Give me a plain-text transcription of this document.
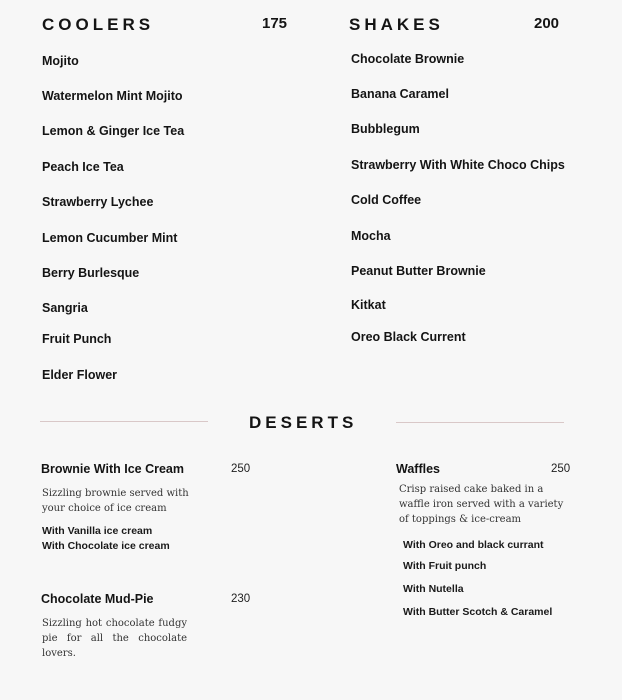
COOLERS	175	SHAKES	200
Mojito
Watermelon Mint Mojito
Lemon & Ginger Ice Tea
Peach Ice Tea
Strawberry Lychee
Lemon Cucumber Mint
Berry Burlesque
Sangria
Fruit Punch
Elder Flower
Chocolate Brownie
Banana Caramel
Bubblegum
Strawberry With White Choco Chips
Cold Coffee
Mocha
Peanut Butter Brownie
Kitkat
Oreo Black Current
DESERTS
Brownie With Ice Cream	250
Sizzling brownie served with your choice of ice cream
With Vanilla ice cream
With Chocolate ice cream
Chocolate Mud-Pie	230
Sizzling hot chocolate fudgy pie for all the chocolate lovers.
Waffles	250
Crisp raised cake baked in a waffle iron served with a variety of toppings & ice-cream
With Oreo and black currant
With Fruit punch
With Nutella
With Butter Scotch & Caramel
